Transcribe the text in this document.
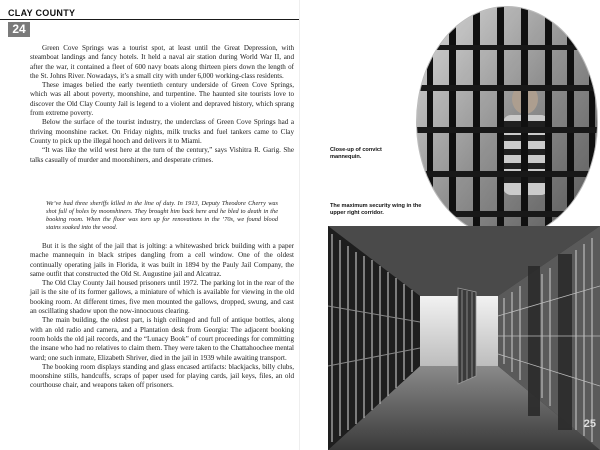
CLAY COUNTY
24

Green Cove Springs was a tourist spot, at least until the Great Depression, with steamboat landings and fancy hotels. It held a naval air station during World War II, and after the war, it contained a fleet of 600 navy boats along thirteen piers down the length of the St. Johns River. Nowadays, it’s a small city with under 6,000 working-class residents.

These images belied the early twentieth century underside of Green Cove Springs, which was all about poverty, moonshine, and turpentine. The haunted site tourists love to discover the Old Clay County Jail is legend to a violent and depraved history, which sprang from extreme poverty.

Below the surface of the tourist industry, the underclass of Green Cove Springs had a thriving moonshine racket. On Friday nights, milk trucks and fuel tankers came to Clay County to pick up the illegal hooch and delivers it to Miami.

“It was like the wild west here at the turn of the century,” says Vishitra R. Garig. She talks casually of murder and moonshiners, and desperate crimes.

We’ve had three sheriffs killed in the line of duty. In 1913, Deputy Theodore Cherry was shot full of holes by moonshiners. They brought him back here and he bled to death in the booking room. When the floor was torn up for renovations in the ’70s, we found blood stains soaked into the wood.

But it is the sight of the jail that is jolting: a whitewashed brick building with a paper mache mannequin in black stripes dangling from a cell window. One of the oldest continually operating jails in Florida, it was built in 1894 by the Pauly Jail Company, the same outfit that constructed the Old St. Augustine jail and Alcatraz.

The Old Clay County Jail housed prisoners until 1972. The parking lot in the rear of the jail is the site of its former gallows, a miniature of which is available for viewing in the old booking room. At different times, five men mounted the gallows, dropped, swung, and cast an oscillating shadow upon the now-innocuous clearing.

The main building, the oldest part, is high ceilinged and full of antique bottles, along with an old radio and camera, and a Plantation desk from Georgia: The adjacent booking room holds the old jail records, and the “Lunacy Book” of court proceedings for committing the insane who had no relatives to claim them. They were taken to the Chattahoochee mental ward; one such inmate, Elizabeth Shriver, died in the jail in 1939 while awaiting transport.

The booking room displays standing and glass encased artifacts: blackjacks, billy clubs, moonshine stills, handcuffs, scraps of paper used for playing cards, jail keys, files, an old courthouse chair, and weapons taken off prisoners.

Close-up of convict mannequin.
The maximum security wing in the upper right corridor.
25
